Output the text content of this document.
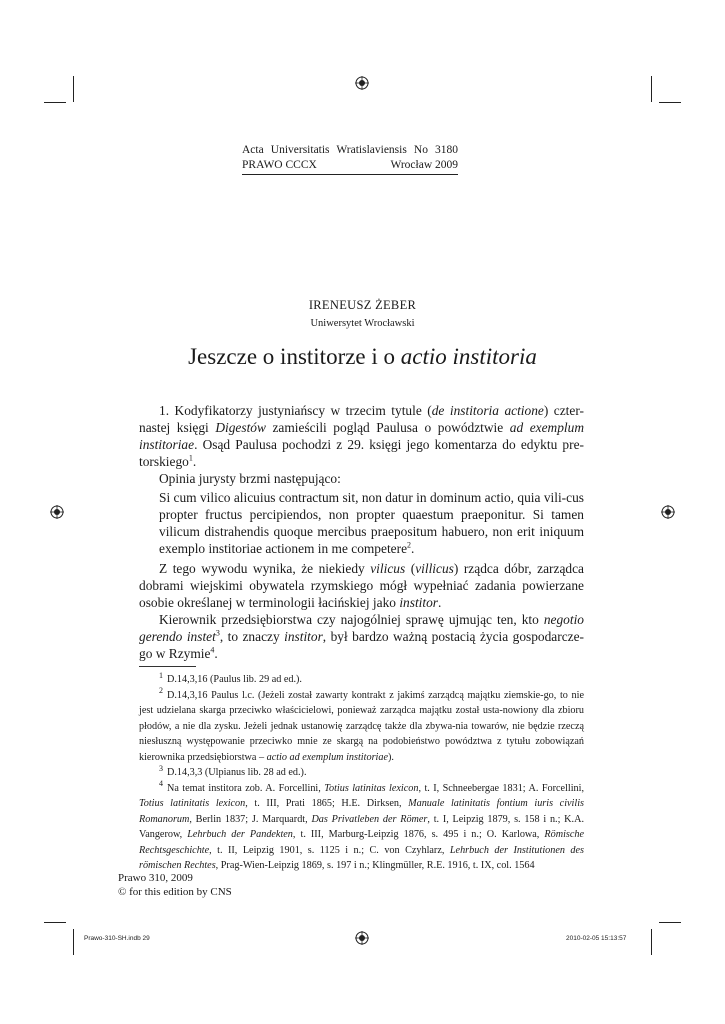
Acta Universitatis Wratislaviensis No 3180
PRAWO CCCX	Wrocław 2009
IRENEUSZ ŻEBER
Uniwersytet Wrocławski
Jeszcze o institorze i o actio institoria

1. Kodyfikatorzy justyniańscy w trzecim tytule (de institoria actione) czter-nastej księgi Digestów zamieścili pogląd Paulusa o powództwie ad exemplum institoriae. Osąd Paulusa pochodzi z 29. księgi jego komentarza do edyktu pre-torskiego$^1$.

Opinia jurysty brzmi następująco:

Si cum vilico alicuius contractum sit, non datur in dominum actio, quia vili-cus propter fructus percipiendos, non propter quaestum praeponitur. Si tamen vilicum distrahendis quoque mercibus praepositum habuero, non erit iniquum exemplo institoriae actionem in me competere$^2$.

Z tego wywodu wynika, że niekiedy vilicus (villicus) rządca dóbr, zarządca dobrami wiejskimi obywatela rzymskiego mógł wypełniać zadania powierzane osobie określanej w terminologii łacińskiej jako institor.

Kierownik przedsiębiorstwa czy najogólniej sprawę ujmując ten, kto negotio gerendo instet$^3$, to znaczy institor, był bardzo ważną postacią życia gospodarcze-go w Rzymie$^4$.

$^1$ D.14,3,16 (Paulus lib. 29 ad ed.).

$^2$ D.14,3,16 Paulus l.c. (Jeżeli został zawarty kontrakt z jakimś zarządcą majątku ziemskie-go, to nie jest udzielana skarga przeciwko właścicielowi, ponieważ zarządca majątku został usta-nowiony dla zbioru płodów, a nie dla zysku. Jeżeli jednak ustanowię zarządcę także dla zbywa-nia towarów, nie będzie rzeczą niesłuszną występowanie przeciwko mnie ze skargą na podobieństwo powództwa z tytułu zobowiązań kierownika przedsiębiorstwa – actio ad exemplum institoriae).

$^3$ D.14,3,3 (Ulpianus lib. 28 ad ed.).

$^4$ Na temat institora zob. A. Forcellini, Totius latinitas lexicon, t. I, Schneebergae 1831; A. Forcellini, Totius latinitatis lexicon, t. III, Prati 1865; H.E. Dirksen, Manuale latinitatis fontium iuris civilis Romanorum, Berlin 1837; J. Marquardt, Das Privatleben der Römer, t. I, Leipzig 1879, s. 158 i n.; K.A. Vangerow, Lehrbuch der Pandekten, t. III, Marburg-Leipzig 1876, s. 495 i n.; O. Karlowa, Römische Rechtsgeschichte, t. II, Leipzig 1901, s. 1125 i n.; C. von Czyhlarz, Lehrbuch der Institutionen des römischen Rechtes, Prag-Wien-Leipzig 1869, s. 197 i n.; Klingmüller, R.E. 1916, t. IX, col. 1564

Prawo 310, 2009
© for this edition by CNS
Prawo-310-SH.indb 29	2010-02-05 15:13:57
